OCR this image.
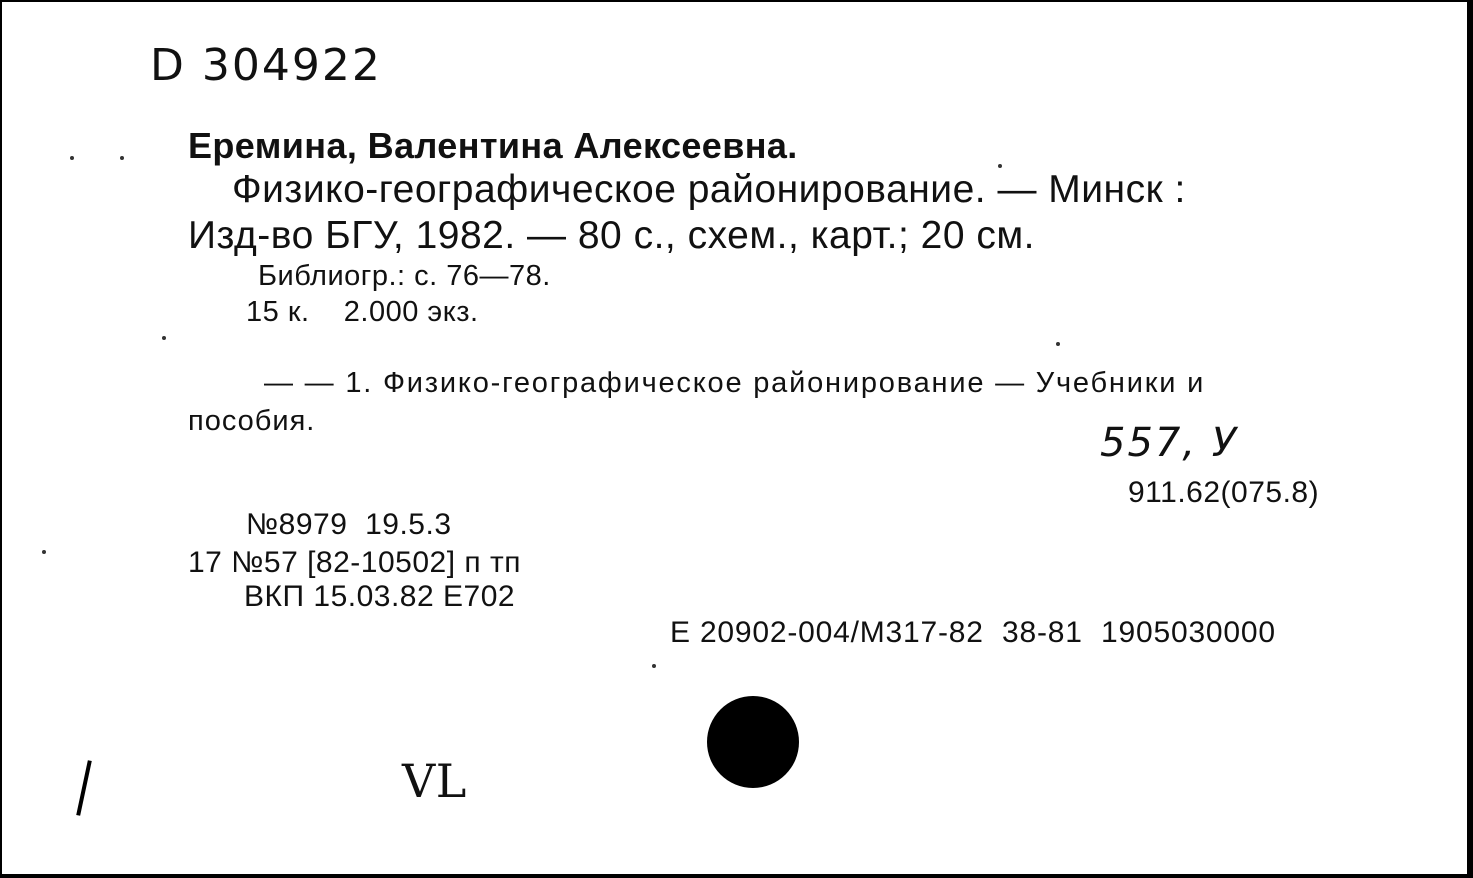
D 304922
Еремина, Валентина Алексеевна.
Физико-географическое районирование. — Минск :
Изд-во БГУ, 1982. — 80 с., схем., карт.; 20 см.
Библиогр.: с. 76—78.
15 к.    2.000 экз.
— — 1. Физико-географическое районирование — Учебники и
пособия.	557, У
911.62(075.8)
№8979  19.5.3
17 №57 [82-10502] п тп
ВКП 15.03.82 Е702
Е 20902-004/М317-82  38-81  1905030000
VL
